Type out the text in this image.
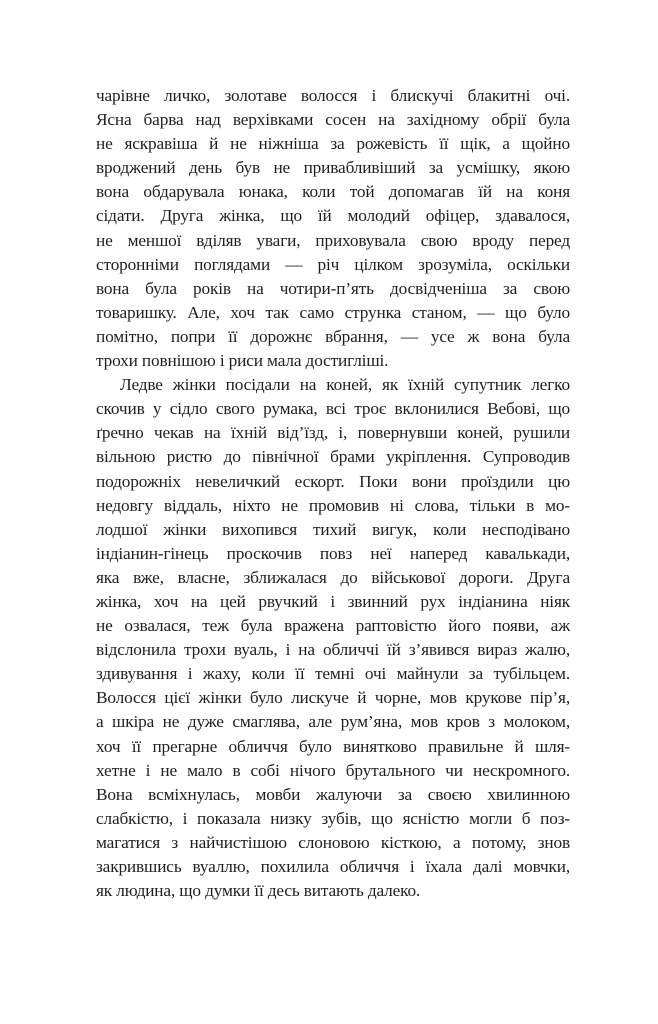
чарівне личко, золотаве волосся і блискучі блакитні очі.
Ясна барва над верхівками сосен на західному обрії була
не яскравіша й не ніжніша за рожевість її щік, а щойно
вроджений день був не привабливіший за усмішку, якою
вона обдарувала юнака, коли той допомагав їй на коня
сідати. Друга жінка, що їй молодий офіцер, здавалося,
не меншої вділяв уваги, приховувала свою вроду перед
сторонніми поглядами — річ цілком зрозуміла, оскільки
вона була років на чотири-п’ять досвідченіша за свою
товаришку. Але, хоч так само струнка станом, — що було
помітно, попри її дорожнє вбрання, — усе ж вона була
трохи повнішою і риси мала достигліші.
Ледве жінки посідали на коней, як їхній супутник легко
скочив у сідло свого румака, всі троє вклонилися Вебові, що
ґречно чекав на їхній від’їзд, і, повернувши коней, рушили
вільною ристю до північної брами укріплення. Супроводив
подорожніх невеличкий ескорт. Поки вони проїздили цю
недовгу віддаль, ніхто не промовив ні слова, тільки в мо-
лодшої жінки вихопився тихий вигук, коли несподівано
індіанин-гінець проскочив повз неї наперед кавалькади,
яка вже, власне, зближалася до військової дороги. Друга
жінка, хоч на цей рвучкий і звинний рух індіанина ніяк
не озвалася, теж була вражена раптовістю його появи, аж
відслонила трохи вуаль, і на обличчі їй з’явився вираз жалю,
здивування і жаху, коли її темні очі майнули за тубільцем.
Волосся цієї жінки було лискуче й чорне, мов крукове пір’я,
а шкіра не дуже смаглява, але рум’яна, мов кров з молоком,
хоч її прегарне обличчя було винятково правильне й шля-
хетне і не мало в собі нічого брутального чи нескромного.
Вона всміхнулась, мовби жалуючи за своєю хвилинною
слабкістю, і показала низку зубів, що ясністю могли б поз-
магатися з найчистішою слоновою кісткою, а потому, знов
закрившись вуаллю, похилила обличчя і їхала далі мовчки,
як людина, що думки її десь витають далеко.
